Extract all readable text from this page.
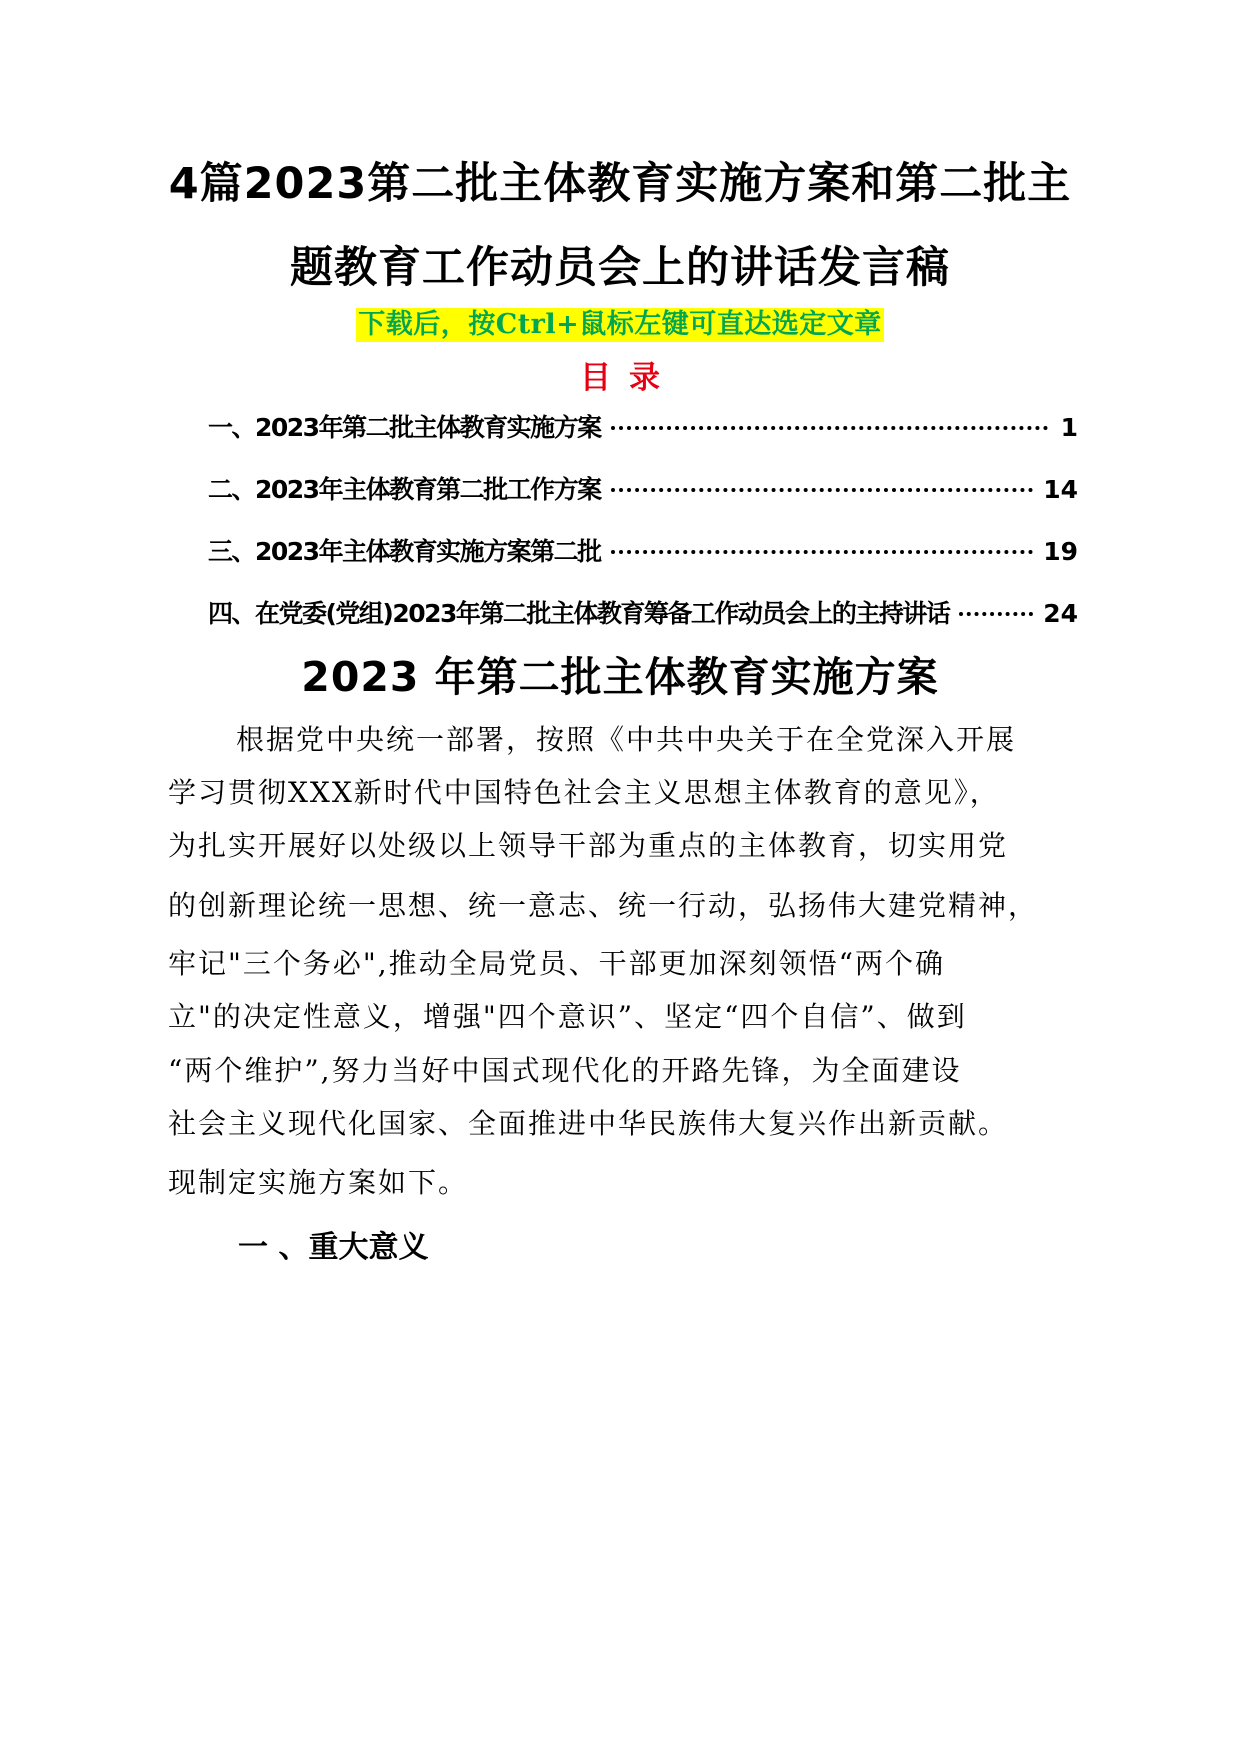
4篇2023第二批主体教育实施方案和第二批主
题教育工作动员会上的讲话发言稿
下载后，按Ctrl+鼠标左键可直达选定文章
目录
一、2023年第二批主体教育实施方案	1
二、2023年主体教育第二批工作方案	14
三、2023年主体教育实施方案第二批	19
四、在党委(党组)2023年第二批主体教育筹备工作动员会上的主持讲话	24
2023 年第二批主体教育实施方案
根据党中央统一部署，按照《中共中央关于在全党深入开展
学习贯彻XXX新时代中国特色社会主义思想主体教育的意见》，
为扎实开展好以处级以上领导干部为重点的主体教育，切实用党
的创新理论统一思想、统一意志、统一行动，弘扬伟大建党精神，
牢记"三个务必",推动全局党员、干部更加深刻领悟“两个确
立"的决定性意义，增强"四个意识”、坚定“四个自信”、做到
“两个维护”,努力当好中国式现代化的开路先锋，为全面建设
社会主义现代化国家、全面推进中华民族伟大复兴作出新贡献。
现制定实施方案如下。
一 、重大意义
